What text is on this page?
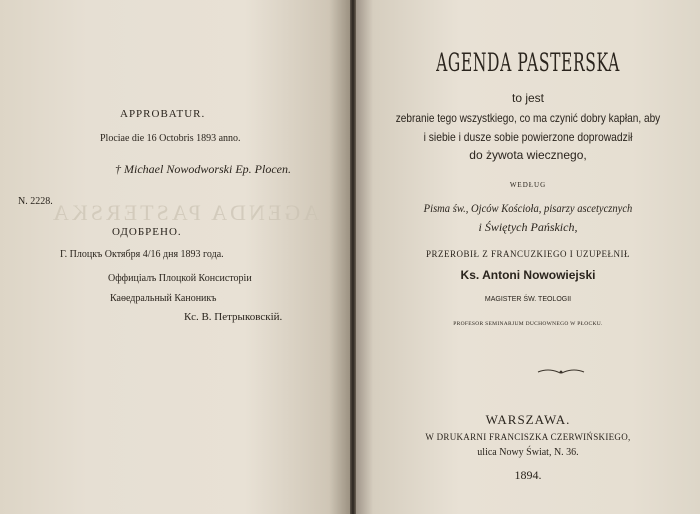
AGENDA PASTERSKA
APPROBATUR.
Plociae die 16 Octobris 1893 anno.
† Michael Nowodworski Ep. Plocen.
N. 2228.
ОДОБРЕНО.
Г. Плоцкъ Октября 4/16 дня 1893 года.
Оффиціалъ Плоцкой Консисторіи
Каѳедральный Каноникъ
Кс. В. Петрыковскій.
AGENDA PASTERSKA
to jest
zebranie tego wszystkiego, co ma czynić dobry kapłan, aby
i siebie i dusze sobie powierzone doprowadził
do żywota wiecznego,
WEDŁUG
Pisma św., Ojców Kościoła, pisarzy ascetycznych
i Świętych Pańskich,
PRZEROBIŁ Z FRANCUZKIEGO I UZUPEŁNIŁ
Ks. Antoni Nowowiejski
MAGISTER ŚW. TEOLOGII
PROFESOR SEMINARJUM DUCHOWNEGO W PŁOCKU.
WARSZAWA.
W DRUKARNI FRANCISZKA CZERWIŃSKIEGO,
ulica Nowy Świat, N. 36.
1894.
